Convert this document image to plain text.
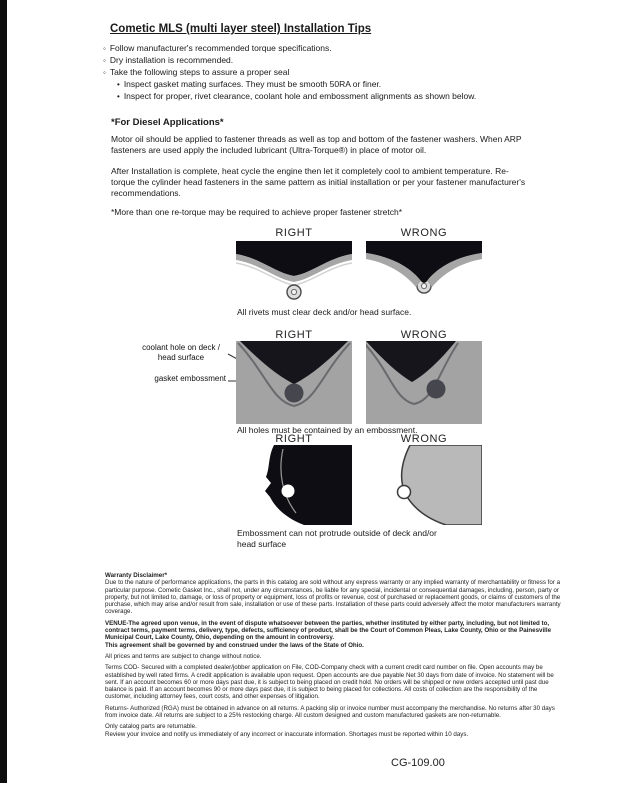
Cometic MLS (multi layer steel) Installation Tips
◦ Follow manufacturer's recommended torque specifications.
◦ Dry installation is recommended.
◦ Take the following steps to assure a proper seal
• Inspect gasket mating surfaces. They must be smooth 50RA or finer.
• Inspect for proper, rivet clearance, coolant hole and embossment alignments as shown below.
*For Diesel Applications*

Motor oil should be applied to fastener threads as well as top and bottom of the fastener washers. When ARP fasteners are used apply the included lubricant (Ultra-Torque®) in place of motor oil.

After Installation is complete, heat cycle the engine then let it completely cool to ambient temperature. Re-torque the cylinder head fasteners in the same pattern as initial installation or per your fastener manufacturer's recommendations.

*More than one re-torque may be required to achieve proper fastener stretch*

RIGHT	WRONG
All rivets must clear deck and/or head surface.
RIGHT	WRONG
coolant hole on deck / head surface
gasket embossment
All holes must be contained by an embossment.
RIGHT	WRONG
Embossment can not protrude outside of deck and/or head surface

Warranty Disclaimer*

Due to the nature of performance applications, the parts in this catalog are sold without any express warranty or any implied warranty of merchantability or fitness for a particular purpose. Cometic Gasket Inc., shall not, under any circumstances, be liable for any special, incidental or consequential damages, including, person, party or property, but not limited to, damage, or loss of property or equipment, loss of profits or revenue, cost of purchased or replacement goods, or claims of customers of the purchase, which may arise and/or result from sale, installation or use of these parts. Installation of these parts could adversely affect the motor manufacturers warranty coverage.

VENUE-The agreed upon venue, in the event of dispute whatsoever between the parties, whether instituted by either party, including, but not limited to, contract terms, payment terms, delivery, type, defects, sufficiency of product, shall be the Court of Common Pleas, Lake County, Ohio or the Painesville Municipal Court, Lake County, Ohio, depending on the amount in controversy.

This agreement shall be governed by and construed under the laws of the State of Ohio.

All prices and terms are subject to change without notice.

Terms COD- Secured with a completed dealer/jobber application on File, COD-Company check with a current credit card number on file. Open accounts may be established by well rated firms. A credit application is available upon request. Open accounts are due payable Net 30 days from date of invoice. No statement will be sent. If an account becomes 60 or more days past due, it is subject to being placed on credit hold. No orders will be shipped or new orders accepted until past due balance is paid. If an account becomes 90 or more days past due, it is subject to being placed for collections. All costs of collection are the responsibility of the customer, including attorney fees, court costs, and other expenses of litigation.

Returns- Authorized (RGA) must be obtained in advance on all returns. A packing slip or invoice number must accompany the merchandise. No returns after 30 days from invoice date. All returns are subject to a 25% restocking charge. All custom designed and custom manufactured gaskets are non-returnable.

Only catalog parts are returnable.

Review your invoice and notify us immediately of any incorrect or inaccurate information. Shortages must be reported within 10 days.

CG-109.00
